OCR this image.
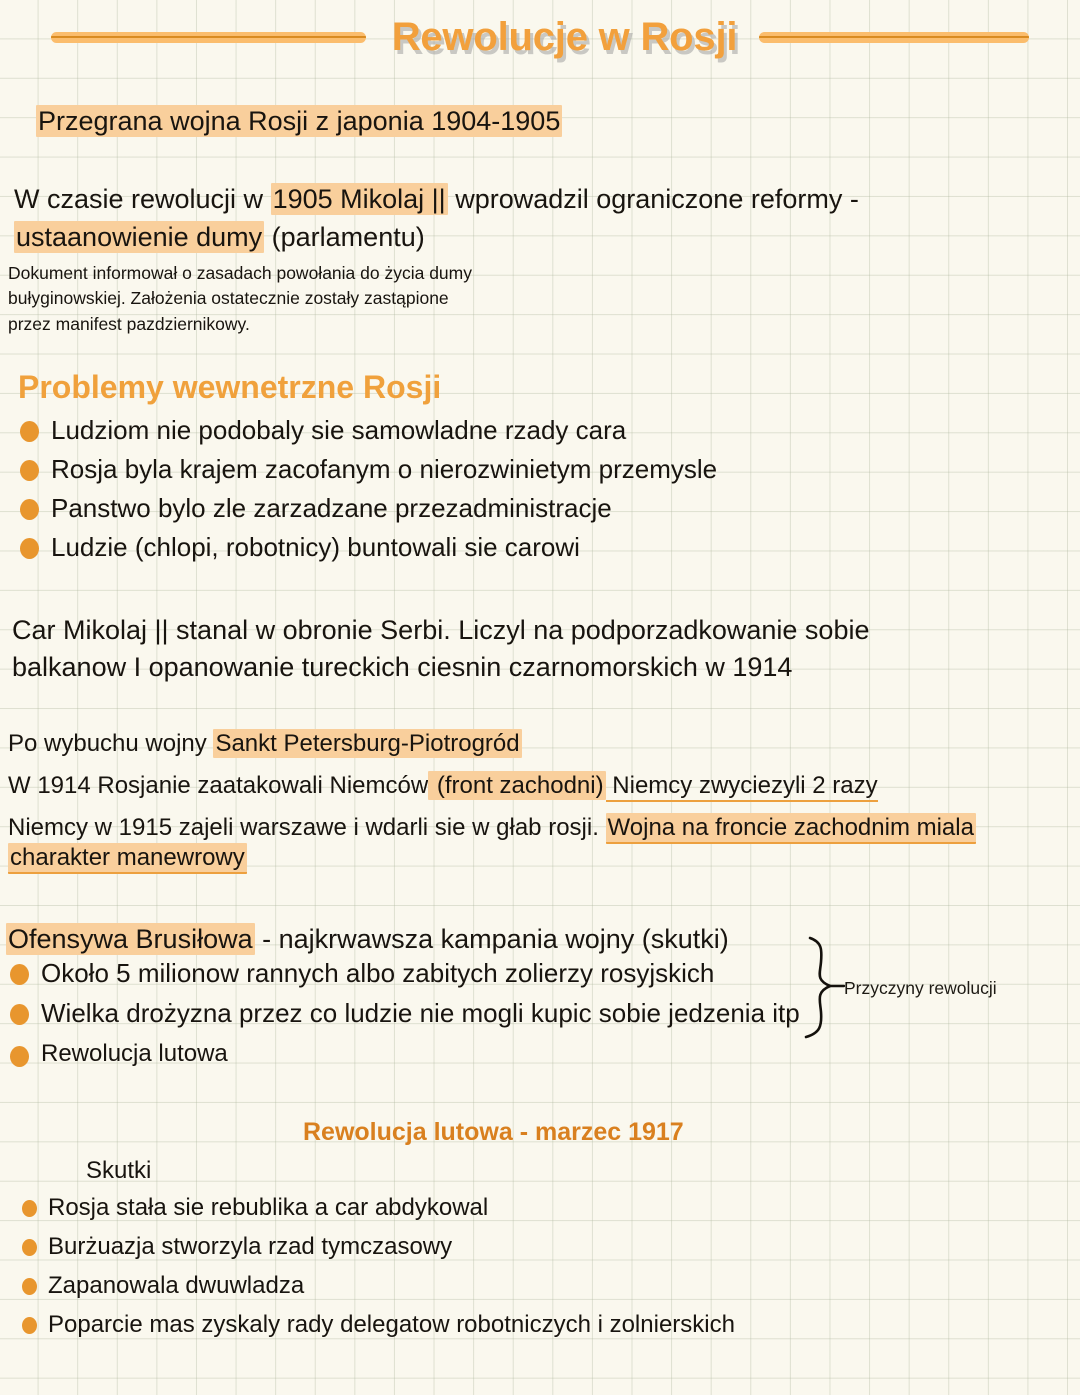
Rewolucje w Rosji
Przegrana wojna Rosji z japonia 1904-1905
W czasie rewolucji w 1905 Mikolaj || wprowadzil ograniczone reformy -
ustaanowienie dumy (parlamentu)
Dokument informował o zasadach powołania do życia dumy
bułyginowskiej. Założenia ostatecznie zostały zastąpione
przez manifest pazdziernikowy.
Problemy wewnetrzne Rosji
Ludziom nie podobaly sie samowladne rzady cara
Rosja byla krajem zacofanym o nierozwinietym przemysle
Panstwo bylo zle zarzadzane przezadministracje
Ludzie (chlopi, robotnicy) buntowali sie carowi
Car Mikolaj || stanal w obronie Serbi. Liczyl na podporzadkowanie sobie
balkanow I opanowanie tureckich ciesnin czarnomorskich w 1914
Po wybuchu wojny Sankt Petersburg-Piotrogród
W 1914 Rosjanie zaatakowali Niemców (front zachodni) Niemcy zwyciezyli 2 razy
Niemcy w 1915 zajeli warszawe i wdarli sie w głab rosji. Wojna na froncie zachodnim miala
charakter manewrowy
Ofensywa Brusiłowa - najkrwawsza kampania wojny (skutki)
Około 5 milionow rannych albo zabitych zolierzy rosyjskich
Wielka drożyzna przez co ludzie nie mogli kupic sobie jedzenia itp
Rewolucja lutowa
Przyczyny rewolucji
Rewolucja lutowa - marzec 1917
Skutki
Rosja stała sie rebublika a car abdykowal
Burżuazja stworzyla rzad tymczasowy
Zapanowala dwuwladza
Poparcie mas zyskaly rady delegatow robotniczych i zolnierskich
